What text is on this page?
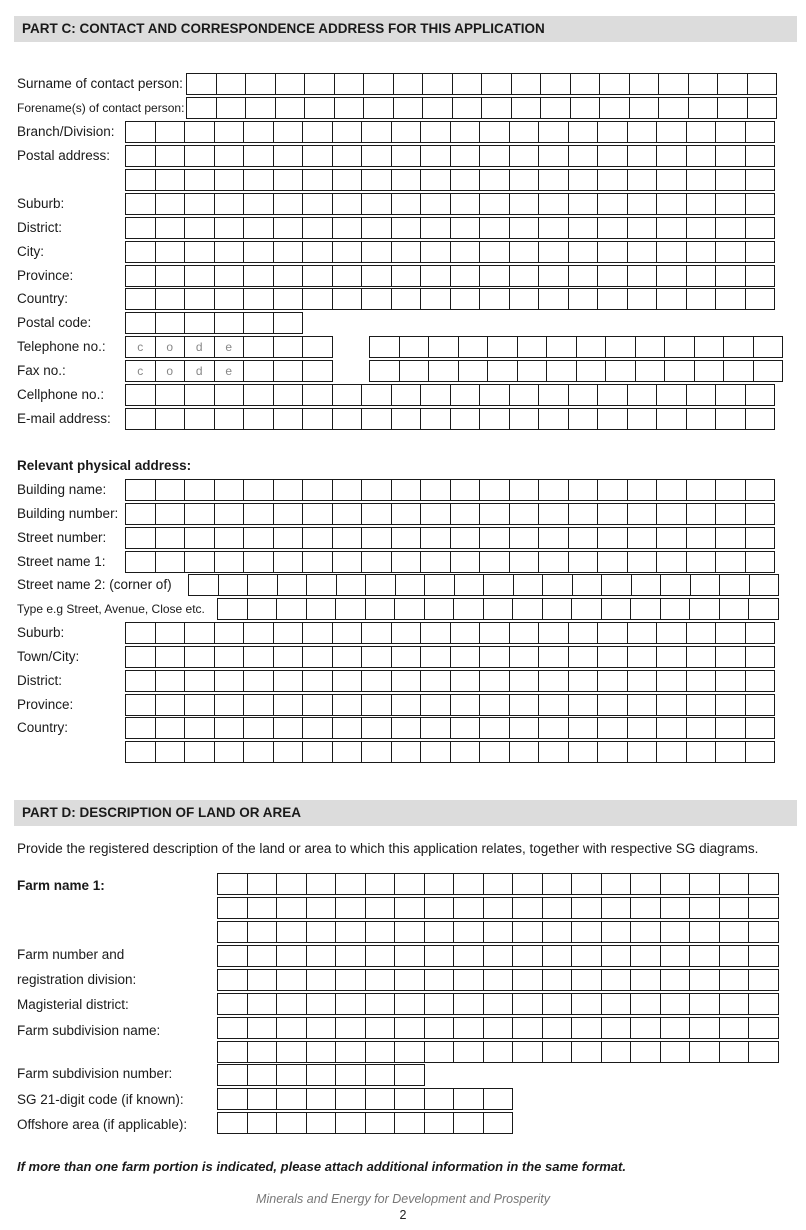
PART C: CONTACT AND CORRESPONDENCE ADDRESS FOR THIS APPLICATION
Surname of contact person:
Forename(s) of contact person:
Branch/Division:
Postal address:
Suburb:
District:
City:
Province:
Country:
Postal code:
Telephone no.:	c	o	d	e
Fax no.:	c	o	d	e
Cellphone no.:
E-mail address:
Relevant physical address:
Building name:
Building number:
Street number:
Street name 1:
Street name 2: (corner of)
Type e.g Street, Avenue, Close etc.
Suburb:
Town/City:
District:
Province:
Country:
PART D: DESCRIPTION OF LAND OR AREA
Provide the registered description of the land or area to which this application relates, together with respective SG diagrams.
Farm name 1:
Farm number and
registration division:
Magisterial district:
Farm subdivision name:
Farm subdivision number:
SG 21-digit code (if known):
Offshore area (if applicable):
If more than one farm portion is indicated, please attach additional information in the same format.
Minerals and Energy for Development and Prosperity
2
